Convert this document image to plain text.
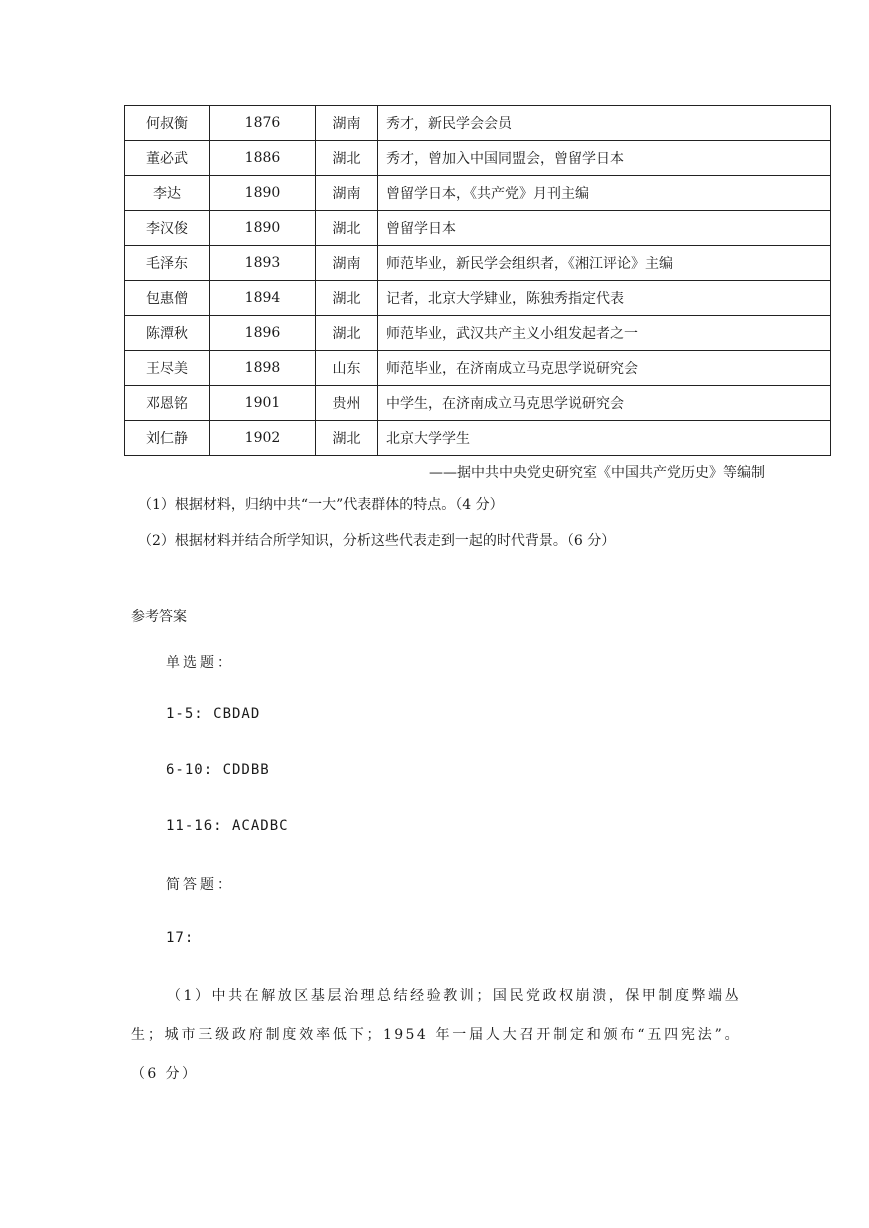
何叔衡	1876	湖南	秀才，新民学会会员
董必武	1886	湖北	秀才，曾加入中国同盟会，曾留学日本
李达	1890	湖南	曾留学日本，《共产党》月刊主编
李汉俊	1890	湖北	曾留学日本
毛泽东	1893	湖南	师范毕业，新民学会组织者，《湘江评论》主编
包惠僧	1894	湖北	记者，北京大学肄业，陈独秀指定代表
陈潭秋	1896	湖北	师范毕业，武汉共产主义小组发起者之一
王尽美	1898	山东	师范毕业，在济南成立马克思学说研究会
邓恩铭	1901	贵州	中学生，在济南成立马克思学说研究会
刘仁静	1902	湖北	北京大学学生
——据中共中央党史研究室《中国共产党历史》等编制
（1）根据材料，归纳中共“一大”代表群体的特点。（4 分）
（2）根据材料并结合所学知识，分析这些代表走到一起的时代背景。（6 分）
参考答案
单选题：
1-5: CBDAD
6-10: CDDBB
11-16: ACADBC
简答题：
17:
（1）中共在解放区基层治理总结经验教训；国民党政权崩溃，保甲制度弊端丛生；城市三级政府制度效率低下；1954 年一届人大召开制定和颁布“五四宪法”。（6 分）
